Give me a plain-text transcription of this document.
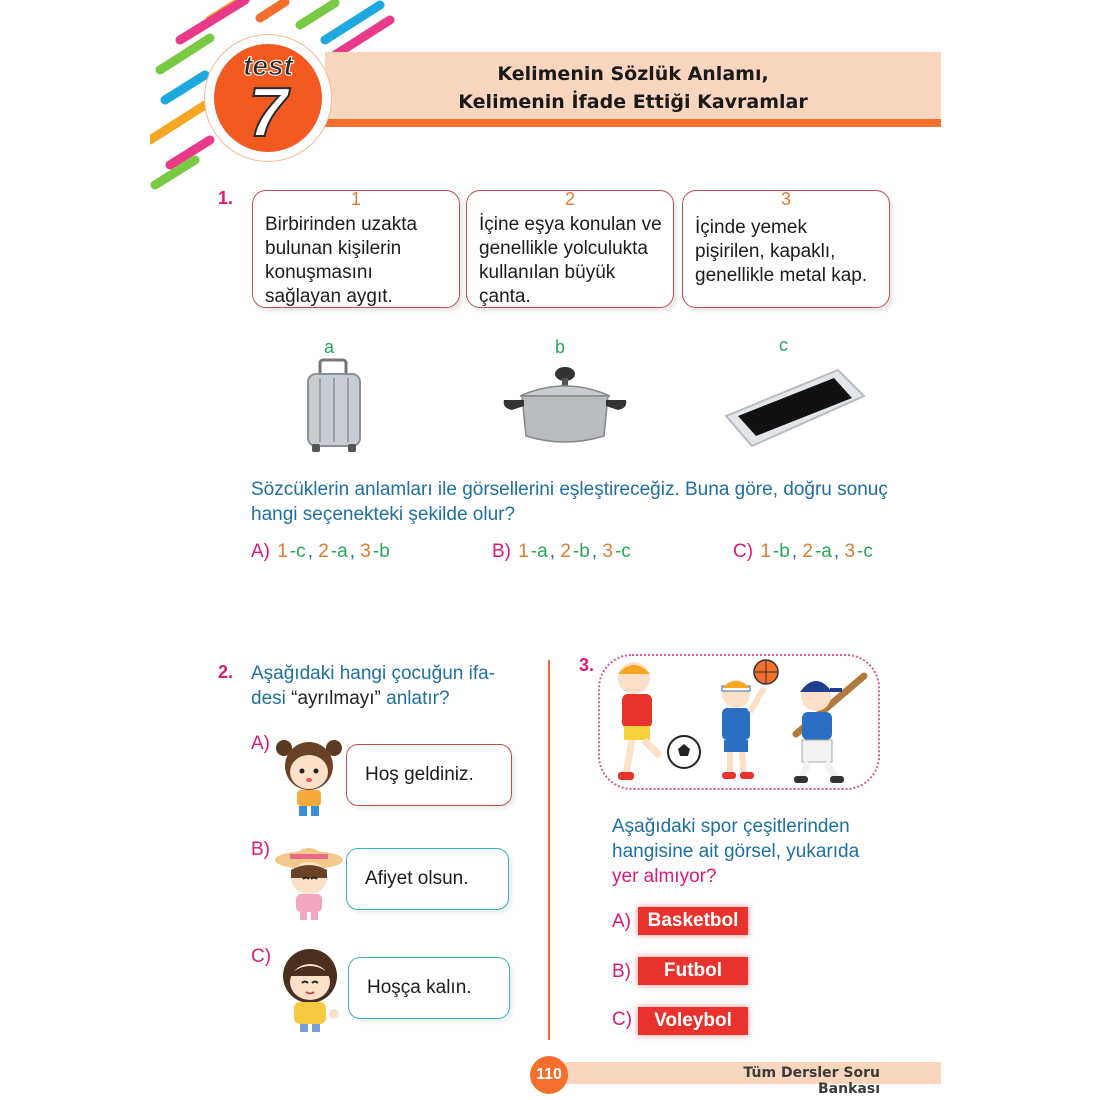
Kelimenin Sözlük Anlamı,
Kelimenin İfade Ettiği Kavramlar
test
7
1.	1
Birbirinden uzakta bulunan kişilerin konuşmasını sağlayan aygıt.
2
İçine eşya konulan ve genellikle yolculukta kullanılan büyük çanta.
3
İçinde yemek pişirilen, kapaklı, genellikle metal kap.
a	b	c
Sözcüklerin anlamları ile görsellerini eşleştireceğiz. Buna göre, doğru sonuç hangi seçenekteki şekilde olur?
A) 1 -c , 2 -a , 3 -b	B) 1 -a , 2 -b , 3 -c	C) 1 -b , 2 -a , 3 -c
2. Aşağıdaki hangi çocuğun ifa-
desi “ayrılmayı” anlatır?
A)
Hoş geldiniz.
B)
Afiyet olsun.
C)
Hoşça kalın.
3.
Aşağıdaki spor çeşitlerinden
hangisine ait görsel, yukarıda
yer almıyor?
A) Basketbol
B)	Futbol
C)	Voleybol
110	Tüm Dersler Soru Bankası
